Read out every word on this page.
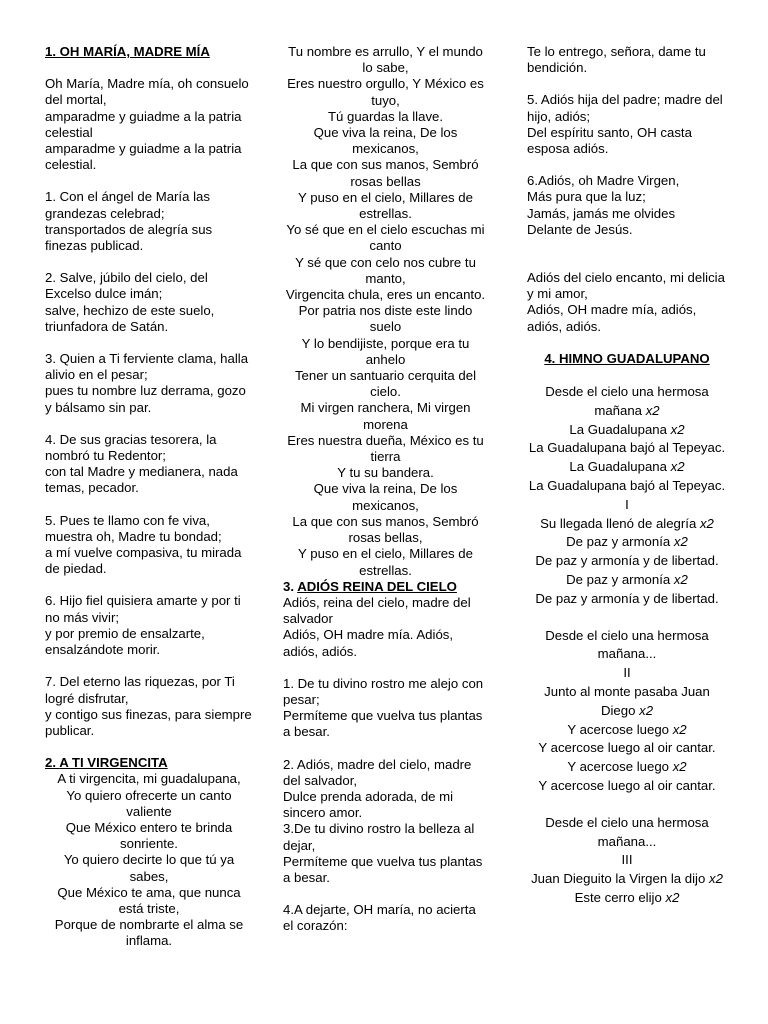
1. OH MARÍA, MADRE MÍA
Oh María, Madre mía, oh consuelo del mortal,
amparadme y guiadme a la patria celestial
amparadme y guiadme a la patria celestial.
1. Con el ángel de María las grandezas celebrad;
transportados de alegría sus finezas publicad.
2. Salve, júbilo del cielo, del Excelso dulce imán;
salve, hechizo de este suelo, triunfadora de Satán.
3. Quien a Ti ferviente clama, halla alivio en el pesar;
pues tu nombre luz derrama, gozo y bálsamo sin par.
4. De sus gracias tesorera, la nombró tu Redentor;
con tal Madre y medianera, nada temas, pecador.
5. Pues te llamo con fe viva, muestra oh, Madre tu bondad;
a mí vuelve compasiva, tu mirada de piedad.
6. Hijo fiel quisiera amarte y por ti no más vivir;
y por premio de ensalzarte, ensalzándote morir.
7. Del eterno las riquezas, por Ti logré disfrutar,
y contigo sus finezas, para siempre publicar.
2. A TI VIRGENCITA
A ti virgencita, mi guadalupana,
Yo quiero ofrecerte un canto valiente
Que México entero te brinda sonriente.
Yo quiero decirte lo que tú ya sabes,
Que México te ama, que nunca está triste,
Porque de nombrarte el alma se inflama.
Tu nombre es arrullo, Y el mundo lo sabe,
Eres nuestro orgullo, Y México es tuyo,
Tú guardas la llave.
Que viva la reina, De los mexicanos,
La que con sus manos, Sembró rosas bellas
Y puso en el cielo, Millares de estrellas.
Yo sé que en el cielo escuchas mi canto
Y sé que con celo nos cubre tu manto,
Virgencita chula, eres un encanto.
Por patria nos diste este lindo suelo
Y lo bendijiste, porque era tu anhelo
Tener un santuario cerquita del cielo.
Mi virgen ranchera, Mi virgen morena
Eres nuestra dueña, México es tu tierra
Y tu su bandera.
Que viva la reina, De los mexicanos,
La que con sus manos, Sembró rosas bellas,
Y puso en el cielo, Millares de estrellas.
3. ADIÓS REINA DEL CIELO
Adiós, reina del cielo, madre del salvador
Adiós, OH madre mía. Adiós, adiós, adiós.
1. De tu divino rostro me alejo con pesar;
Permíteme que vuelva tus plantas a besar.
2. Adiós, madre del cielo, madre del salvador,
Dulce prenda adorada, de mi sincero amor.
3.De tu divino rostro la belleza al dejar,
Permíteme que vuelva tus plantas a besar.
4.A dejarte, OH maría, no acierta el corazón:
Te lo entrego, señora, dame tu bendición.
5. Adiós hija del padre; madre del hijo, adiós;
Del espíritu santo, OH casta esposa adiós.
6.Adiós, oh Madre Virgen,
Más pura que la luz;
Jamás, jamás me olvides
Delante de Jesús.
Adiós del cielo encanto, mi delicia y mi amor,
Adiós, OH madre mía, adiós, adiós, adiós.
4. HIMNO GUADALUPANO
Desde el cielo una hermosa mañana x2
La Guadalupana x2
La Guadalupana bajó al Tepeyac.
La Guadalupana x2
La Guadalupana bajó al Tepeyac.
I
Su llegada llenó de alegría x2
De paz y armonía x2
De paz y armonía y de libertad.
De paz y armonía x2
De paz y armonía y de libertad.
Desde el cielo una hermosa mañana...
II
Junto al monte pasaba Juan Diego x2
Y acercose luego x2
Y acercose luego al oir cantar.
Y acercose luego x2
Y acercose luego al oir cantar.
Desde el cielo una hermosa mañana...
III
Juan Dieguito la Virgen la dijo x2
Este cerro elijo x2
